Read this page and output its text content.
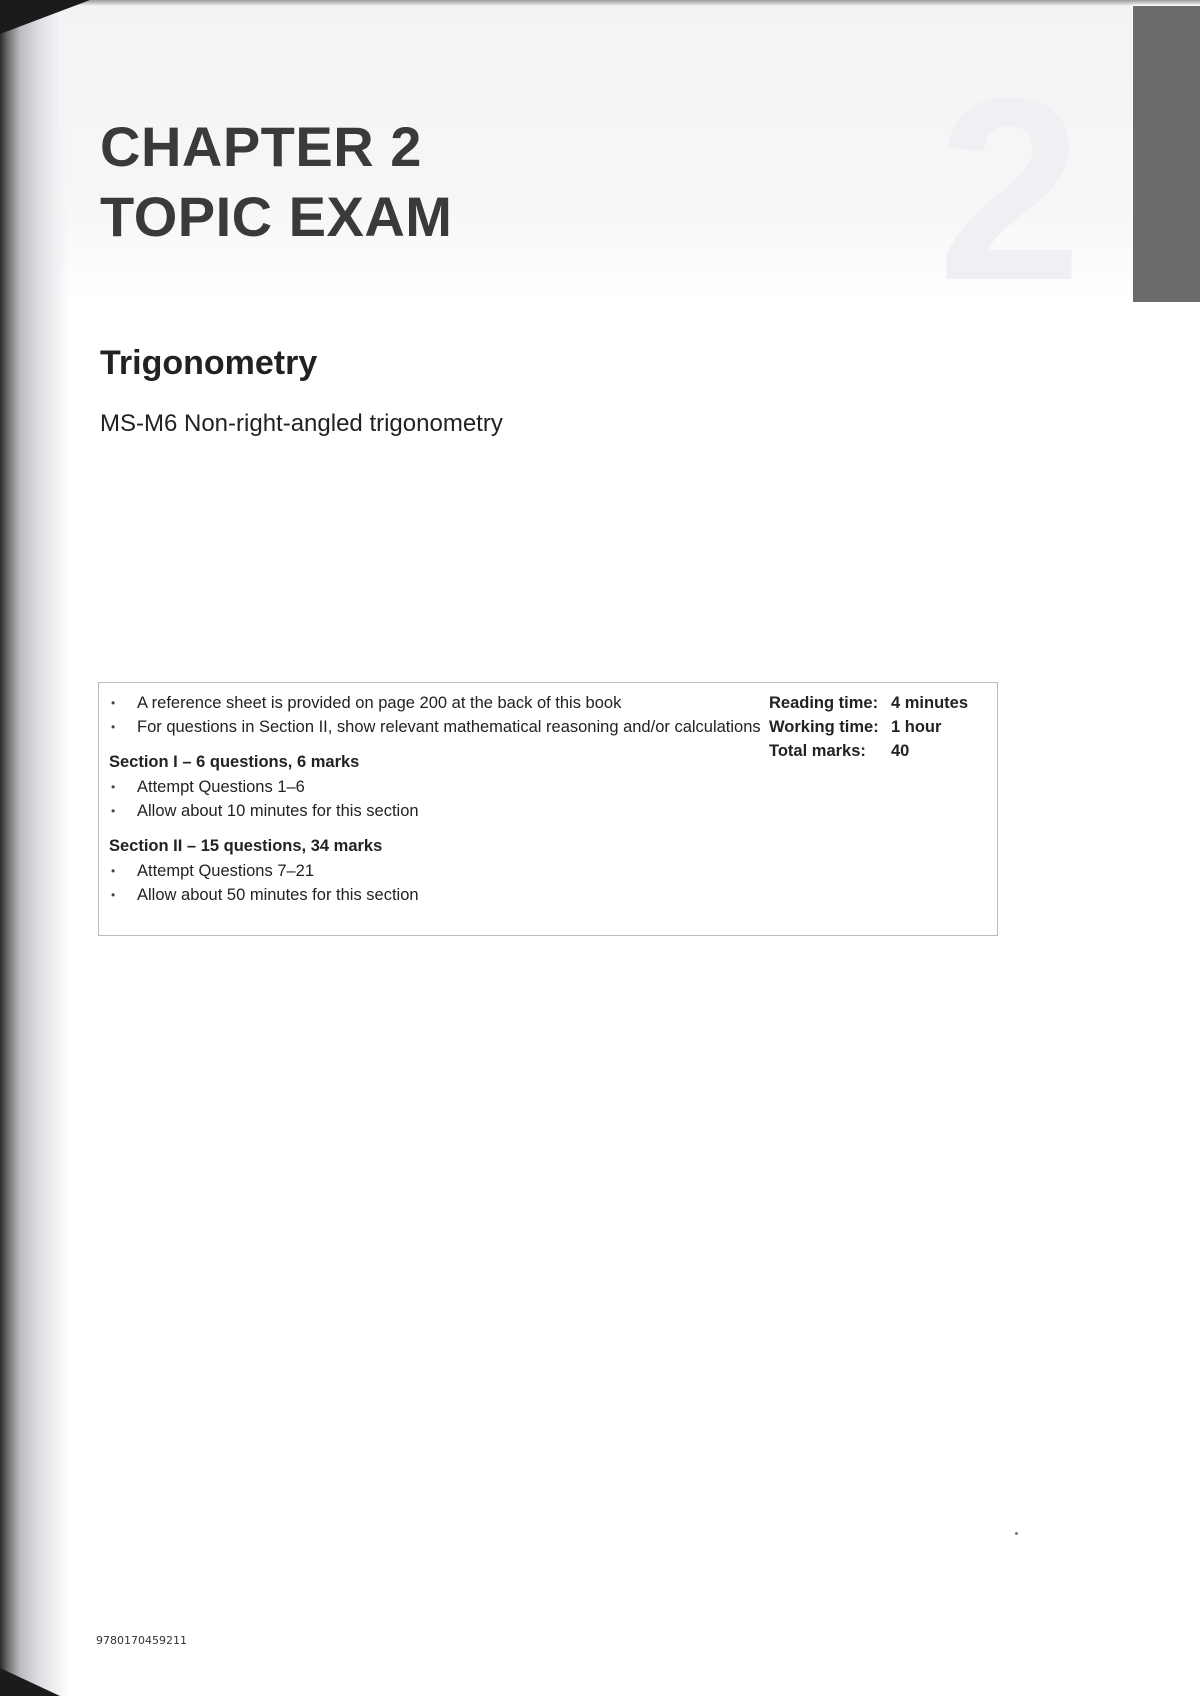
2
CHAPTER 2
TOPIC EXAM
Trigonometry
MS-M6 Non-right-angled trigonometry
• A reference sheet is provided on page 200 at the back of this book
• For questions in Section II, show relevant mathematical reasoning and/or calculations
Section I – 6 questions, 6 marks
• Attempt Questions 1–6
• Allow about 10 minutes for this section
Section II – 15 questions, 34 marks
• Attempt Questions 7–21
• Allow about 50 minutes for this section
Reading time: 4 minutes
Working time: 1 hour
Total marks: 40
9780170459211
